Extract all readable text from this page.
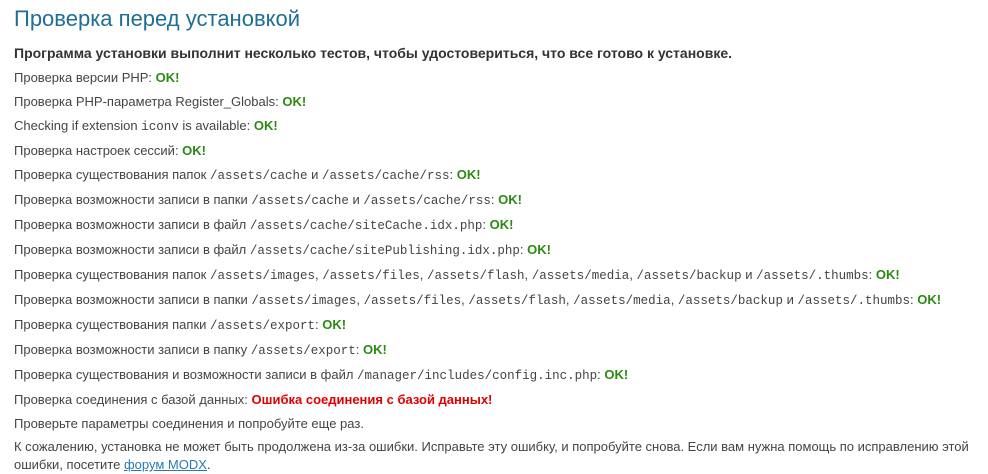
Проверка перед установкой
Программа установки выполнит несколько тестов, чтобы удостовериться, что все готово к установке.
Проверка версии PHP: OK!
Проверка PHP-параметра Register_Globals: OK!
Checking if extension iconv is available: OK!
Проверка настроек сессий: OK!
Проверка существования папок /assets/cache и /assets/cache/rss: OK!
Проверка возможности записи в папки /assets/cache и /assets/cache/rss: OK!
Проверка возможности записи в файл /assets/cache/siteCache.idx.php: OK!
Проверка возможности записи в файл /assets/cache/sitePublishing.idx.php: OK!
Проверка существования папок /assets/images, /assets/files, /assets/flash, /assets/media, /assets/backup и /assets/.thumbs: OK!
Проверка возможности записи в папки /assets/images, /assets/files, /assets/flash, /assets/media, /assets/backup и /assets/.thumbs: OK!
Проверка существования папки /assets/export: OK!
Проверка возможности записи в папку /assets/export: OK!
Проверка существования и возможности записи в файл /manager/includes/config.inc.php: OK!
Проверка соединения с базой данных: Ошибка соединения с базой данных!
Проверьте параметры соединения и попробуйте еще раз.
К сожалению, установка не может быть продолжена из-за ошибки. Исправьте эту ошибку, и попробуйте снова. Если вам нужна помощь по исправлению этой ошибки, посетите форум MODX.
